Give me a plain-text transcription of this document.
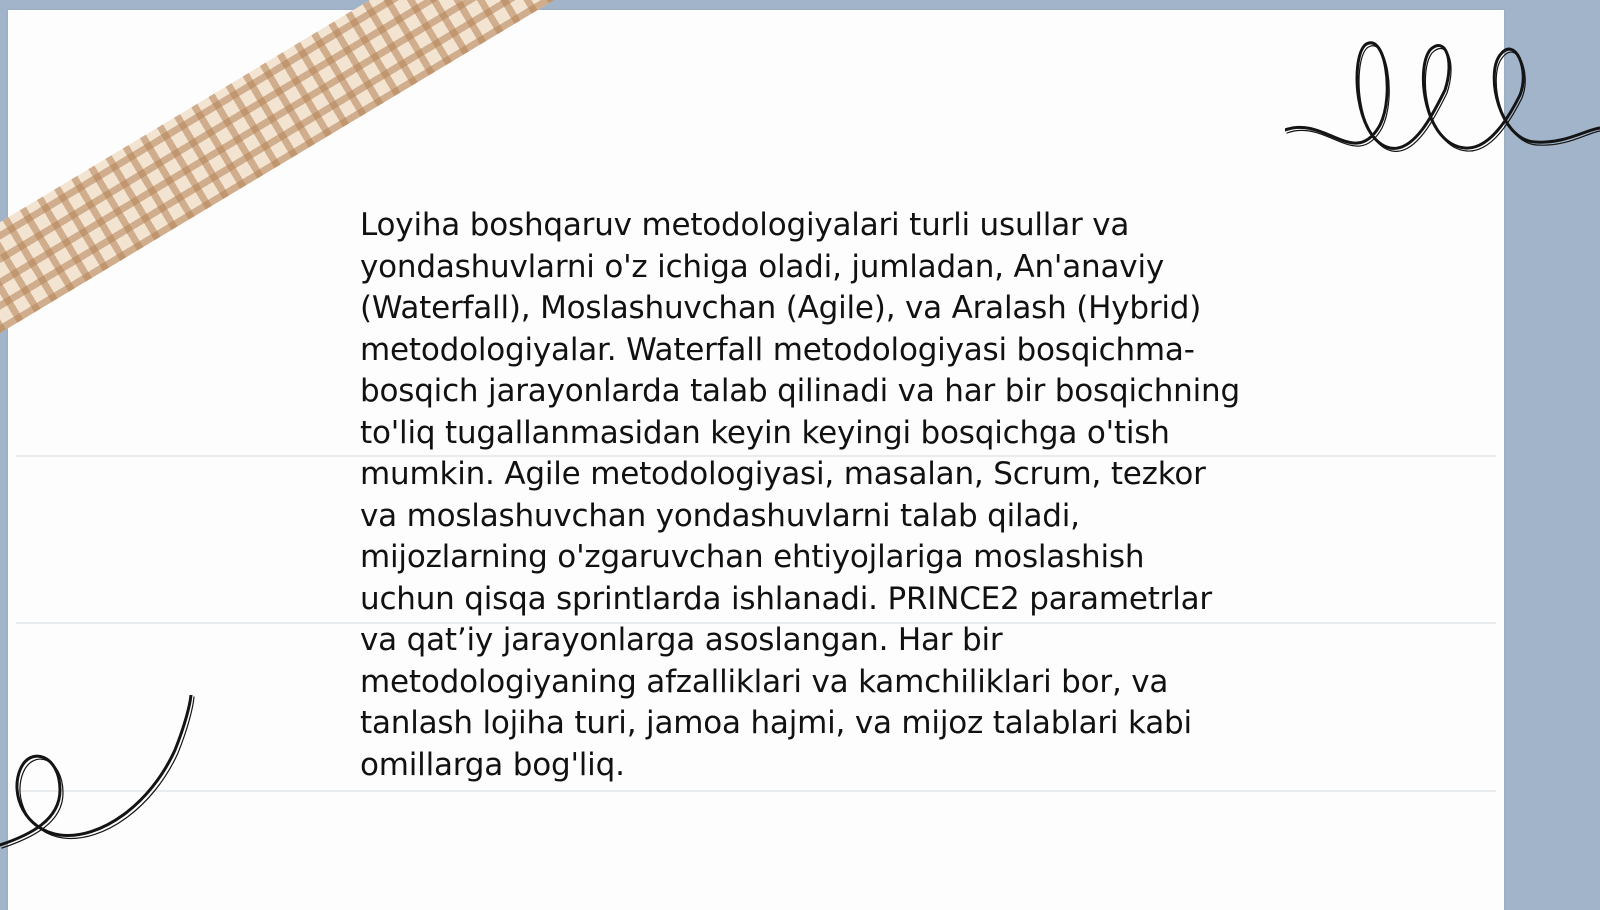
Loyiha boshqaruv metodologiyalari turli usullar va yondashuvlarni o'z ichiga oladi, jumladan, An'anaviy (Waterfall), Moslashuvchan (Agile), va Aralash (Hybrid) metodologiyalar. Waterfall metodologiyasi bosqichma-bosqich jarayonlarda talab qilinadi va har bir bosqichning to'liq tugallanmasidan keyin keyingi bosqichga o'tish mumkin. Agile metodologiyasi, masalan, Scrum, tezkor va moslashuvchan yondashuvlarni talab qiladi, mijozlarning o'zgaruvchan ehtiyojlariga moslashish uchun qisqa sprintlarda ishlanadi. PRINCE2 parametrlar va qat’iy jarayonlarga asoslangan. Har bir metodologiyaning afzalliklari va kamchiliklari bor, va tanlash lojiha turi, jamoa hajmi, va mijoz talablari kabi omillarga bog'liq.
